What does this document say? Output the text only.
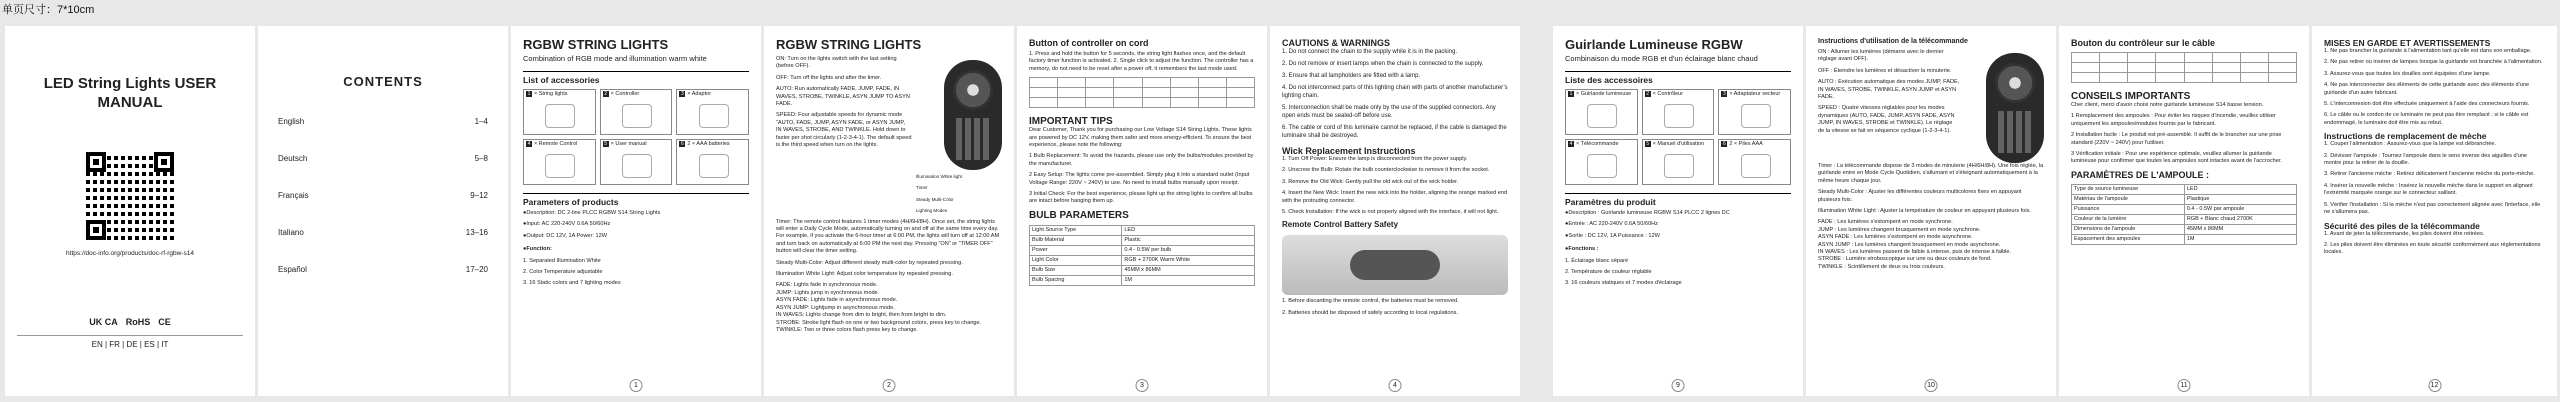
单页尺寸：7*10cm
LED String Lights USER MANUAL
https://doc-info.org/products/doc-rf-rgbw-s14
UK CA RoHS CE
EN | FR | DE | ES | IT
CONTENTS
English	1–4
Deutsch	5–8
Français	9–12
Italiano	13–16
Español	17–20
RGBW STRING LIGHTS
Combination of RGB mode and illumination warm white
List of accessories
1 × String lights	2 × Controller	3 × Adaptor
4 × Remote Control	5 × User manual	6 2 × AAA batteries
Parameters of products

●Description: DC 2-line PLCC RGBW S14 String Lights

●Input: AC 220-240V 0.6A 50/60Hz

●Output: DC 12V, 1A Power: 12W

●Function:

1. Separated Illumination White

2. Color Temperature adjustable

3. 16 Static colors and 7 lighting modes

1
RGBW STRING LIGHTS

ON: Turn on the lights switch with the last setting (before OFF).

OFF: Turn off the lights and after the timer.

AUTO: Run automatically FADE, JUMP, FADE, IN WAVES, STROBE, TWINKLE, ASYN JUMP TO ASYN FADE.

SPEED: Four adjustable speeds for dynamic mode “AUTO, FADE, JUMP, ASYN FADE, or ASYN JUMP, IN WAVES, STROBE, AND TWINKLE. Hold down to faster per shot circularly (1-2-3-4-1). The default speed is the third speed when turn on the lights.

Illumination White light

Timer

Steady Multi-Color

Lighting Modes

Timer: The remote control features 1 timer modes (4H/6H/8H). Once set, the string lights will enter a Daily Cycle Mode, automatically turning on and off at the same time every day. For example, if you activate the 6-hour timer at 6:00 PM, the lights will turn off at 12:00 AM and turn back on automatically at 6:00 PM the next day. Pressing “ON” or “TIMER OFF” button will clear the timer setting.

Steady Multi-Color: Adjust different steady multi-color by repeated pressing.

Illumination White Light: Adjust color temperature by repeated pressing.

FADE: Lights fade in synchronous mode.

JUMP: Lights jump in synchronous mode.

ASYN FADE: Lights fade in asynchronous mode.

ASYN JUMP: Lightjump in asynchronous mode.

IN WAVES: Lights change from dim to bright, then from bright to dim.

STROBE: Strobe light flash on one or two background colors, press key to change.

TWINKLE: Two or three colors flash press key to change.

2
Button of controller on cord
1. Press and hold the button for 5 seconds, the string light flashes once, and the default factory timer function is activated. 2. Single click to adjust the function. The controller has a memory, do not need to be reset after a power off, it remembers the last mode used.

IMPORTANT TIPS

Dear Customer, Thank you for purchasing our Low Voltage S14 String Lights. These lights are powered by DC 12V, making them safer and more energy-efficient. To ensure the best experience, please note the following:

1 Bulb Replacement: To avoid the hazards, please use only the bulbs/modules provided by the manufacturer.

2 Easy Setup: The lights come pre-assembled. Simply plug it into a standard outlet (Input Voltage Range: 220V ~ 240V) to use. No need to install bulbs manually upon receipt.

3 Initial Check: For the best experience, please light up the string lights to confirm all bulbs are intact before hanging them up.

BULB PARAMETERS
Light Source Type	LED
Bulb Material	Plastic
Power	0.4 - 0.5W per bulb
Light Color	RGB + 2700K Warm White
Bulb Size	45MM x 86MM
Bulb Spacing	1M
3
CAUTIONS & WARNINGS

1. Do not connect the chain to the supply while it is in the packing.

2. Do not remove or insert lamps when the chain is connected to the supply.

3. Ensure that all lampholders are fitted with a lamp.

4. Do not interconnect parts of this lighting chain with parts of another manufacturer’s lighting chain.

5. Interconnection shall be made only by the use of the supplied connectors. Any open ends must be sealed-off before use.

6. The cable or cord of this luminaire cannot be replaced, if the cable is damaged the luminaire shall be destroyed.

Wick Replacement Instructions

1. Turn Off Power: Ensure the lamp is disconnected from the power supply.

2. Unscrew the Bulb: Rotate the bulb counterclockwise to remove it from the socket.

3. Remove the Old Wick: Gently pull the old wick out of the wick holder.

4. Insert the New Wick: Insert the new wick into the holder, aligning the orange marked end with the protruding connector.

5. Check Installation: If the wick is not properly aligned with the interface, it will not light.

Remote Control Battery Safety

1. Before discarding the remote control, the batteries must be removed.

2. Batteries should be disposed of safely according to local regulations.

4
Guirlande Lumineuse RGBW
Combinaison du mode RGB et d'un éclairage blanc chaud
Liste des accessoires
1 × Guirlande lumineuse	2 × Contrôleur	3 × Adaptateur secteur
4 × Télécommande	5 × Manuel d'utilisation	6 2 × Piles AAA
Paramètres du produit

●Description : Guirlande lumineuse RGBW S14 PLCC 2 lignes DC

●Entrée : AC 220-240V 0.6A 50/60Hz

●Sortie : DC 12V, 1A Puissance : 12W

●Fonctions :

1. Éclairage blanc séparé

2. Température de couleur réglable

3. 16 couleurs statiques et 7 modes d'éclairage

9
Instructions d'utilisation de la télécommande

ON : Allumer les lumières (démarre avec le dernier réglage avant OFF).

OFF : Éteindre les lumières et désactiver la minuterie.

AUTO : Exécution automatique des modes JUMP, FADE, IN WAVES, STROBE, TWINKLE, ASYN JUMP et ASYN FADE.

SPEED : Quatre vitesses réglables pour les modes dynamiques (AUTO, FADE, JUMP, ASYN FADE, ASYN JUMP, IN WAVES, STROBE et TWINKLE). Le réglage de la vitesse se fait en séquence cyclique (1-2-3-4-1).

Timer : La télécommande dispose de 3 modes de minuterie (4H/6H/8H). Une fois réglée, la guirlande entre en Mode Cycle Quotidien, s'allumant et s'éteignant automatiquement à la même heure chaque jour.

Steady Multi-Color : Ajuster les différentes couleurs multicolores fixes en appuyant plusieurs fois.

Illumination White Light : Ajuster la température de couleur en appuyant plusieurs fois.

FADE : Les lumières s'estompent en mode synchrone.

JUMP : Les lumières changent brusquement en mode synchrone.

ASYN FADE : Les lumières s'estompent en mode asynchrone.

ASYN JUMP : Les lumières changent brusquement en mode asynchrone.

IN WAVES : Les lumières passent de faible à intense, puis de intense à faible.

STROBE : Lumière stroboscopique sur une ou deux couleurs de fond.

TWINKLE : Scintillement de deux ou trois couleurs.

10
Bouton du contrôleur sur le câble

CONSEILS IMPORTANTS

Cher client, merci d'avoir choisi notre guirlande lumineuse S14 basse tension.

1 Remplacement des ampoules : Pour éviter les risques d'incendie, veuillez utiliser uniquement les ampoules/modules fournis par le fabricant.

2 Installation facile : Le produit est pré-assemblé. Il suffit de le brancher sur une prise standard (220V ~ 240V) pour l'utiliser.

3 Vérification initiale : Pour une expérience optimale, veuillez allumer la guirlande lumineuse pour confirmer que toutes les ampoules sont intactes avant de l'accrocher.

PARAMÈTRES DE L'AMPOULE :
Type de source lumineuse	LED
Matériau de l'ampoule	Plastique
Puissance	0.4 - 0.5W par ampoule
Couleur de la lumière	RGB + Blanc chaud 2700K
Dimensions de l'ampoule	45MM x 86MM
Espacement des ampoules	1M
11
MISES EN GARDE ET AVERTISSEMENTS

1. Ne pas brancher la guirlande à l'alimentation tant qu'elle est dans son emballage.

2. Ne pas retirer ou insérer de lampes lorsque la guirlande est branchée à l'alimentation.

3. Assurez-vous que toutes les douilles sont équipées d'une lampe.

4. Ne pas interconnecter des éléments de cette guirlande avec des éléments d'une guirlande d'un autre fabricant.

5. L'interconnexion doit être effectuée uniquement à l'aide des connecteurs fournis.

6. Le câble ou le cordon de ce luminaire ne peut pas être remplacé ; si le câble est endommagé, le luminaire doit être mis au rebut.

Instructions de remplacement de mèche

1. Couper l'alimentation : Assurez-vous que la lampe est débranchée.

2. Dévisser l'ampoule : Tournez l'ampoule dans le sens inverse des aiguilles d'une montre pour la retirer de la douille.

3. Retirer l'ancienne mèche : Retirez délicatement l'ancienne mèche du porte-mèche.

4. Insérer la nouvelle mèche : Insérez la nouvelle mèche dans le support en alignant l'extrémité marquée orange sur le connecteur saillant.

5. Vérifier l'installation : Si la mèche n'est pas correctement alignée avec l'interface, elle ne s'allumera pas.

Sécurité des piles de la télécommande

1. Avant de jeter la télécommande, les piles doivent être retirées.

2. Les piles doivent être éliminées en toute sécurité conformément aux réglementations locales.

12
